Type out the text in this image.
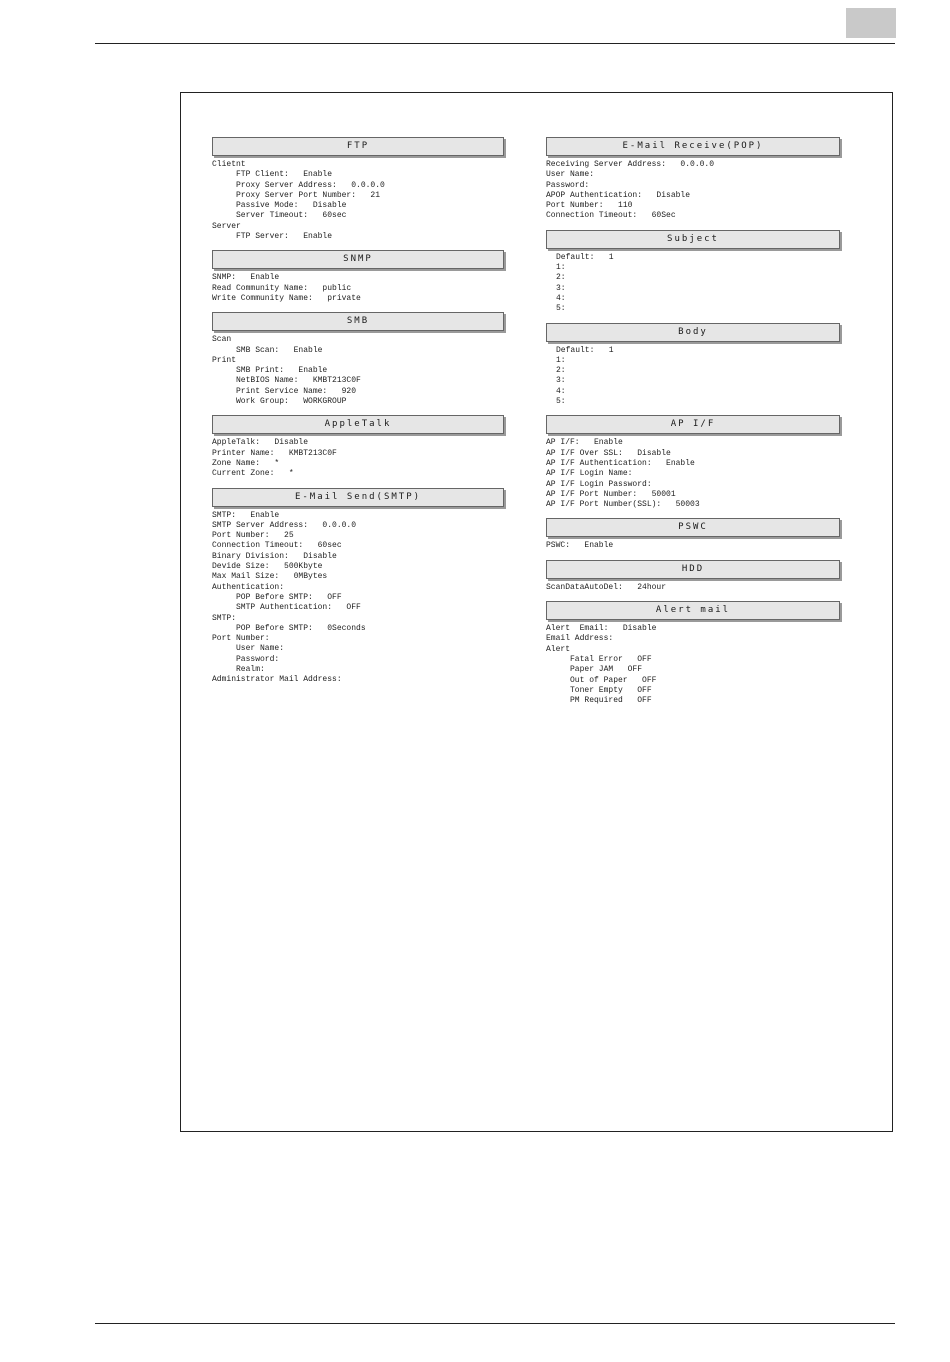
FTP
Clietnt
FTP Client:   Enable
Proxy Server Address:   0.0.0.0
Proxy Server Port Number:   21
Passive Mode:   Disable
Server Timeout:   60sec
Server
FTP Server:   Enable
SNMP
SNMP:   Enable
Read Community Name:   public
Write Community Name:   private
SMB
Scan
SMB Scan:   Enable
Print
SMB Print:   Enable
NetBIOS Name:   KMBT213C0F
Print Service Name:   920
Work Group:   WORKGROUP
AppleTalk
AppleTalk:   Disable
Printer Name:   KMBT213C0F
Zone Name:   *
Current Zone:   *
E-Mail Send(SMTP)
SMTP:   Enable
SMTP Server Address:   0.0.0.0
Port Number:   25
Connection Timeout:   60sec
Binary Division:   Disable
Devide Size:   500Kbyte
Max Mail Size:   0MBytes
Authentication:
POP Before SMTP:   OFF
SMTP Authentication:   OFF
SMTP:
POP Before SMTP:   0Seconds
Port Number:
User Name:
Password:
Realm:
Administrator Mail Address:
E-Mail Receive(POP)
Receiving Server Address:   0.0.0.0
User Name:
Password:
APOP Authentication:   Disable
Port Number:   110
Connection Timeout:   60Sec
Subject
Default:   1
1:
2:
3:
4:
5:
Body
Default:   1
1:
2:
3:
4:
5:
AP I/F
AP I/F:   Enable
AP I/F Over SSL:   Disable
AP I/F Authentication:   Enable
AP I/F Login Name:
AP I/F Login Password:
AP I/F Port Number:   50001
AP I/F Port Number(SSL):   50003
PSWC
PSWC:   Enable
HDD
ScanDataAutoDel:   24hour
Alert mail
Alert  Email:   Disable
Email Address:
Alert
Fatal Error   OFF
Paper JAM   OFF
Out of Paper   OFF
Toner Empty   OFF
PM Required   OFF
